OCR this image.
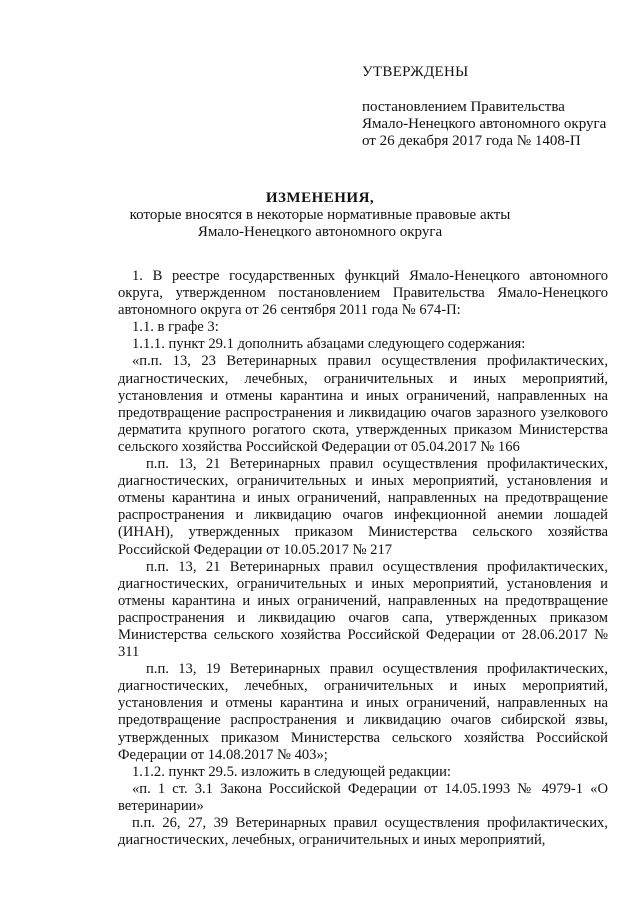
УТВЕРЖДЕНЫ
постановлением Правительства
Ямало-Ненецкого автономного округа
от 26 декабря 2017 года № 1408-П
ИЗМЕНЕНИЯ,
которые вносятся в некоторые нормативные правовые акты
Ямало-Ненецкого автономного округа

1. В реестре государственных функций Ямало-Ненецкого автономного округа, утвержденном постановлением Правительства Ямало-Ненецкого автономного округа от 26 сентября 2011 года № 674-П:

1.1. в графе 3:

1.1.1. пункт 29.1 дополнить абзацами следующего содержания:

«п.п. 13, 23 Ветеринарных правил осуществления профилактических, диагностических, лечебных, ограничительных и иных мероприятий, установления и отмены карантина и иных ограничений, направленных на предотвращение распространения и ликвидацию очагов заразного узелкового дерматита крупного рогатого скота, утвержденных приказом Министерства сельского хозяйства Российской Федерации от 05.04.2017 № 166

п.п. 13, 21 Ветеринарных правил осуществления профилактических, диагностических, ограничительных и иных мероприятий, установления и отмены карантина и иных ограничений, направленных на предотвращение распространения и ликвидацию очагов инфекционной анемии лошадей (ИНАН), утвержденных приказом Министерства сельского хозяйства Российской Федерации от 10.05.2017 № 217

п.п. 13, 21 Ветеринарных правил осуществления профилактических, диагностических, ограничительных и иных мероприятий, установления и отмены карантина и иных ограничений, направленных на предотвращение распространения и ликвидацию очагов сапа, утвержденных приказом Министерства сельского хозяйства Российской Федерации от 28.06.2017 № 311

п.п. 13, 19 Ветеринарных правил осуществления профилактических, диагностических, лечебных, ограничительных и иных мероприятий, установления и отмены карантина и иных ограничений, направленных на предотвращение распространения и ликвидацию очагов сибирской язвы, утвержденных приказом Министерства сельского хозяйства Российской Федерации от 14.08.2017 № 403»;

1.1.2. пункт 29.5. изложить в следующей редакции:

«п. 1 ст. 3.1 Закона Российской Федерации от 14.05.1993 № 4979-1 «О ветеринарии»

п.п. 26, 27, 39 Ветеринарных правил осуществления профилактических, диагностических, лечебных, ограничительных и иных мероприятий,
